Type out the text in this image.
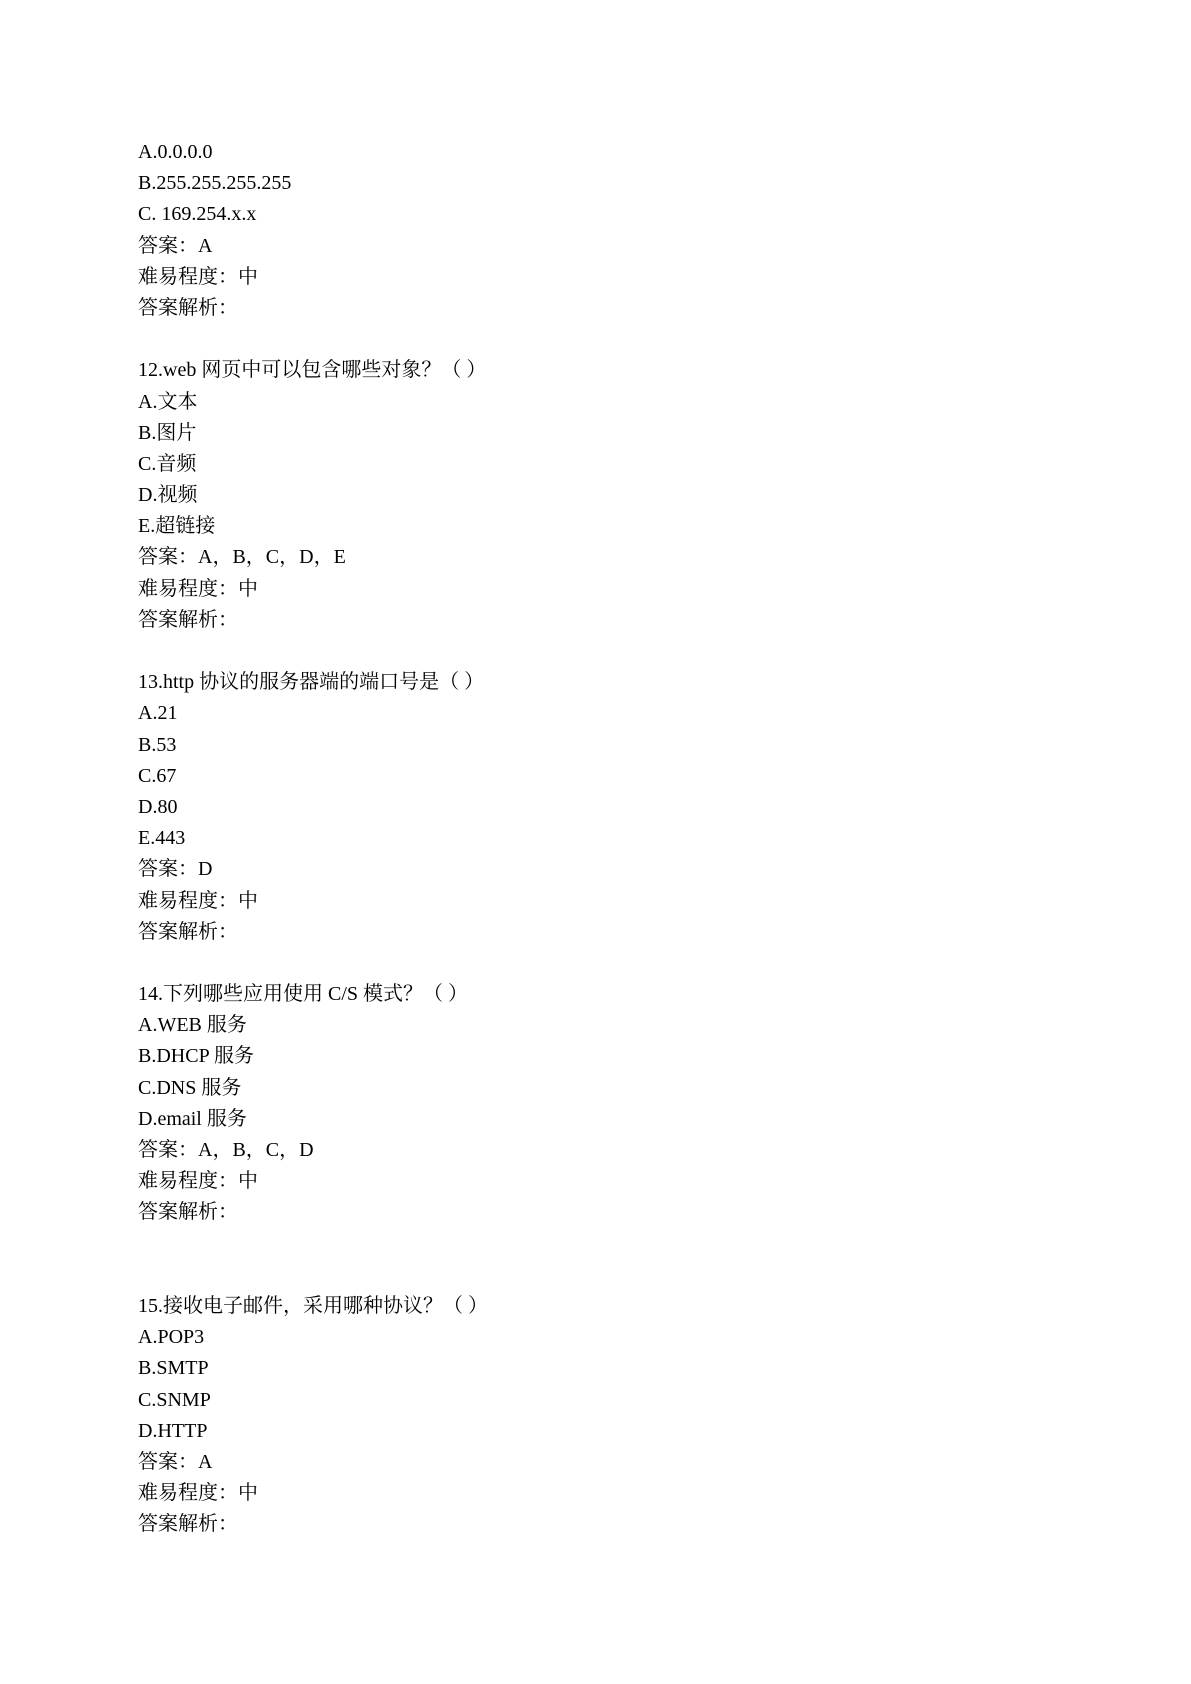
A.0.0.0.0
B.255.255.255.255
C. 169.254.x.x
答案：A
难易程度：中
答案解析：
12.web 网页中可以包含哪些对象？（ ）
A.文本
B.图片
C.音频
D.视频
E.超链接
答案：A，B，C，D，E
难易程度：中
答案解析：
13.http 协议的服务器端的端口号是（ ）
A.21
B.53
C.67
D.80
E.443
答案：D
难易程度：中
答案解析：
14.下列哪些应用使用 C/S 模式？（ ）
A.WEB 服务
B.DHCP 服务
C.DNS 服务
D.email 服务
答案：A，B，C，D
难易程度：中
答案解析：
15.接收电子邮件，采用哪种协议？（ ）
A.POP3
B.SMTP
C.SNMP
D.HTTP
答案：A
难易程度：中
答案解析：
